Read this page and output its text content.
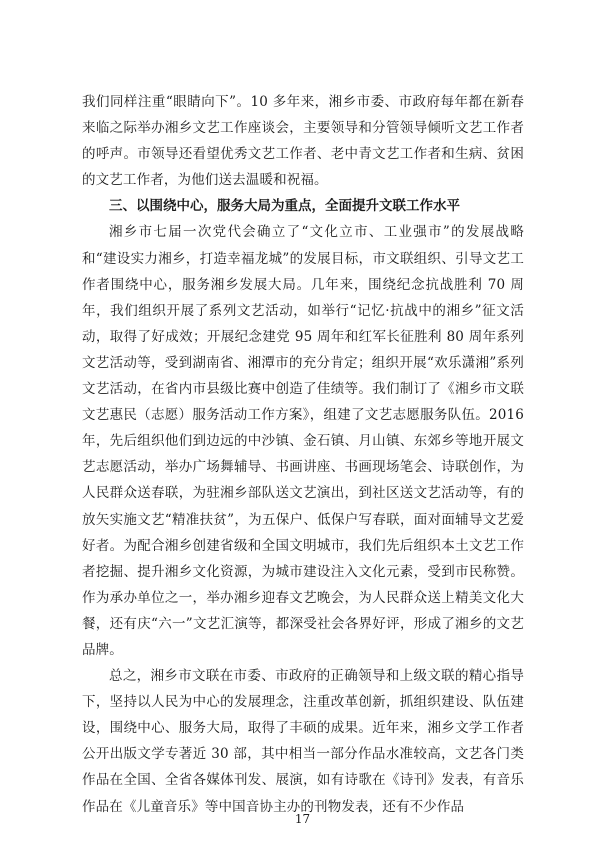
我们同样注重“眼睛向下”。10 多年来，湘乡市委、市政府每年都在新春来临之际举办湘乡文艺工作座谈会，主要领导和分管领导倾听文艺工作者的呼声。市领导还看望优秀文艺工作者、老中青文艺工作者和生病、贫困的文艺工作者，为他们送去温暖和祝福。

三、以围绕中心，服务大局为重点，全面提升文联工作水平

湘乡市七届一次党代会确立了“文化立市、工业强市”的发展战略和“建设实力湘乡，打造幸福龙城”的发展目标，市文联组织、引导文艺工作者围绕中心，服务湘乡发展大局。几年来，围绕纪念抗战胜利 70 周年，我们组织开展了系列文艺活动，如举行“记忆·抗战中的湘乡”征文活动，取得了好成效；开展纪念建党 95 周年和红军长征胜利 80 周年系列文艺活动等，受到湖南省、湘潭市的充分肯定；组织开展“欢乐潇湘”系列文艺活动，在省内市县级比赛中创造了佳绩等。我们制订了《湘乡市文联文艺惠民（志愿）服务活动工作方案》，组建了文艺志愿服务队伍。2016 年，先后组织他们到边远的中沙镇、金石镇、月山镇、东郊乡等地开展文艺志愿活动，举办广场舞辅导、书画讲座、书画现场笔会、诗联创作，为人民群众送春联，为驻湘乡部队送文艺演出，到社区送文艺活动等，有的放矢实施文艺“精准扶贫”，为五保户、低保户写春联，面对面辅导文艺爱好者。为配合湘乡创建省级和全国文明城市，我们先后组织本土文艺工作者挖掘、提升湘乡文化资源，为城市建设注入文化元素，受到市民称赞。作为承办单位之一，举办湘乡迎春文艺晚会，为人民群众送上精美文化大餐，还有庆“六一”文艺汇演等，都深受社会各界好评，形成了湘乡的文艺品牌。

总之，湘乡市文联在市委、市政府的正确领导和上级文联的精心指导下，坚持以人民为中心的发展理念，注重改革创新，抓组织建设、队伍建设，围绕中心、服务大局，取得了丰硕的成果。近年来，湘乡文学工作者公开出版文学专著近 30 部，其中相当一部分作品水准较高，文艺各门类作品在全国、全省各媒体刊发、展演，如有诗歌在《诗刊》发表，有音乐作品在《儿童音乐》等中国音协主办的刊物发表，还有不少作品

17
